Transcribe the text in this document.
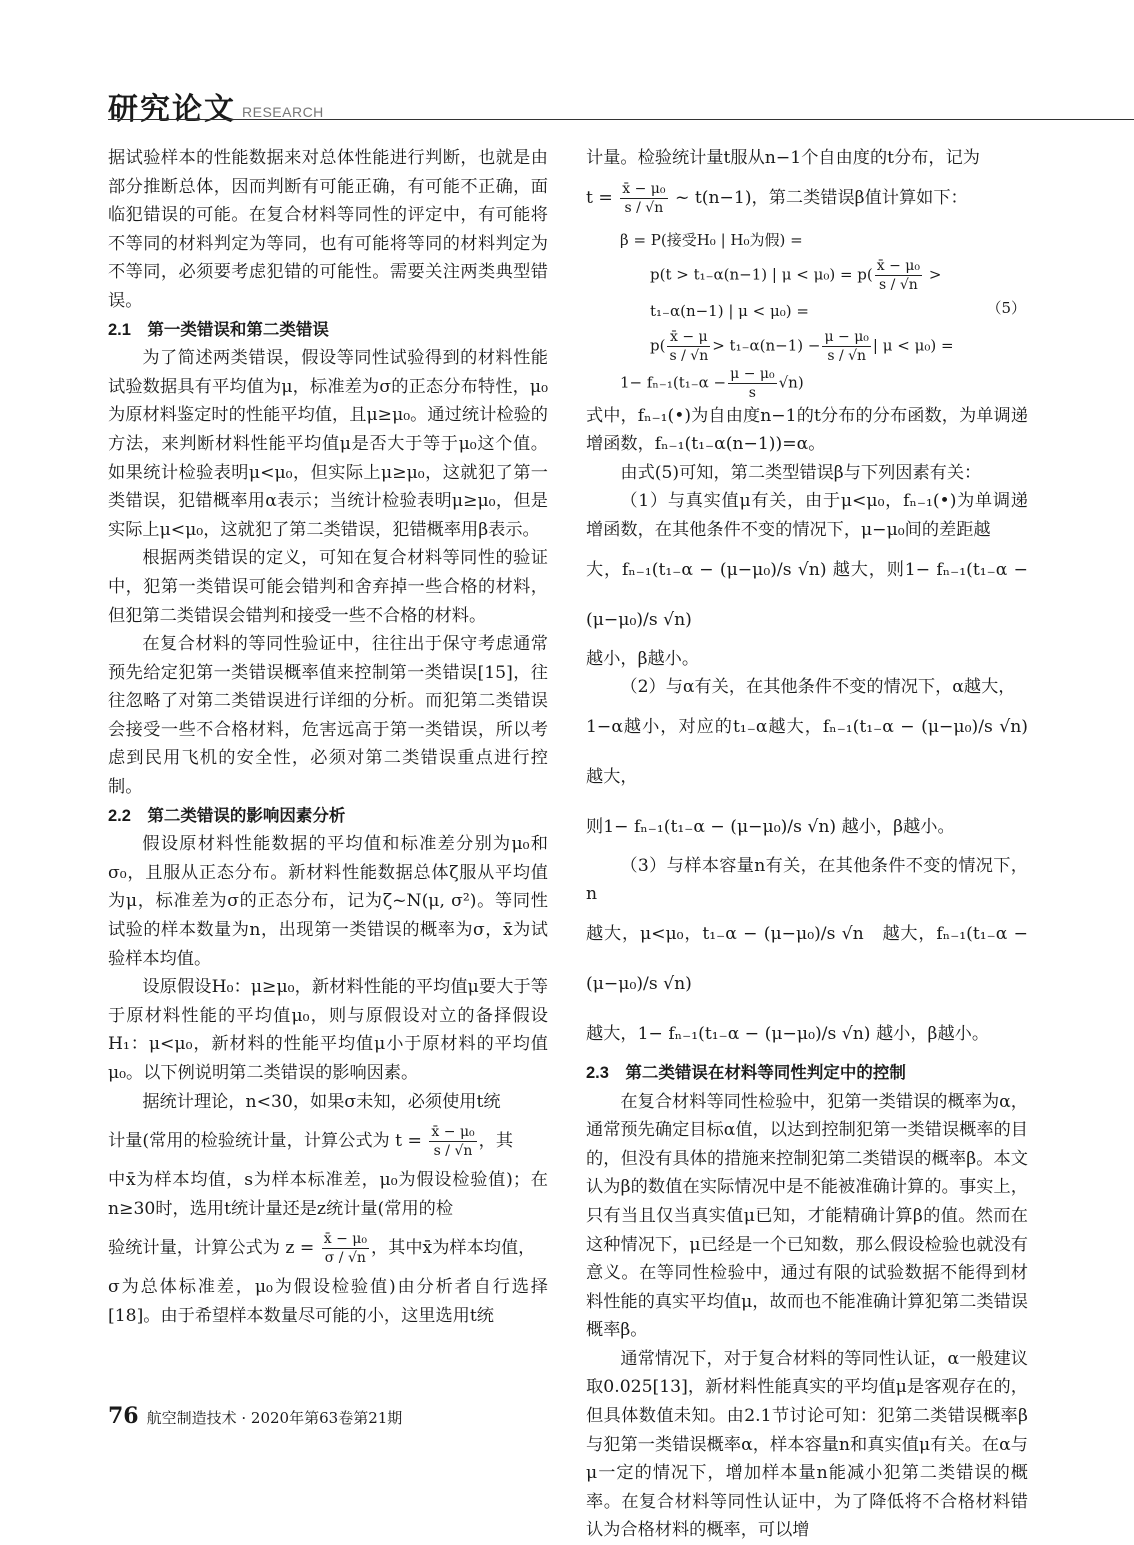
研究论文 RESEARCH

据试验样本的性能数据来对总体性能进行判断，也就是由部分推断总体，因而判断有可能正确，有可能不正确，面临犯错误的可能。在复合材料等同性的评定中，有可能将不等同的材料判定为等同，也有可能将等同的材料判定为不等同，必须要考虑犯错的可能性。需要关注两类典型错误。

2.1　第一类错误和第二类错误

为了简述两类错误，假设等同性试验得到的材料性能试验数据具有平均值为μ，标准差为σ的正态分布特性，μ₀为原材料鉴定时的性能平均值，且μ≥μ₀。通过统计检验的方法，来判断材料性能平均值μ是否大于等于μ₀这个值。如果统计检验表明μ<μ₀，但实际上μ≥μ₀，这就犯了第一类错误，犯错概率用α表示；当统计检验表明μ≥μ₀，但是实际上μ<μ₀，这就犯了第二类错误，犯错概率用β表示。

根据两类错误的定义，可知在复合材料等同性的验证中，犯第一类错误可能会错判和舍弃掉一些合格的材料，但犯第二类错误会错判和接受一些不合格的材料。

在复合材料的等同性验证中，往往出于保守考虑通常预先给定犯第一类错误概率值来控制第一类错误[15]，往往忽略了对第二类错误进行详细的分析。而犯第二类错误会接受一些不合格材料，危害远高于第一类错误，所以考虑到民用飞机的安全性，必须对第二类错误重点进行控制。

2.2　第二类错误的影响因素分析

假设原材料性能数据的平均值和标准差分别为μ₀和σ₀，且服从正态分布。新材料性能数据总体ζ服从平均值为μ，标准差为σ的正态分布，记为ζ~N(μ, σ²)。等同性试验的样本数量为n，出现第一类错误的概率为σ，x̄为试验样本均值。

设原假设H₀：μ≥μ₀，新材料性能的平均值μ要大于等于原材料性能的平均值μ₀，则与原假设对立的备择假设H₁：μ<μ₀，新材料的性能平均值μ小于原材料的平均值μ₀。以下例说明第二类错误的影响因素。

据统计理论，n<30，如果σ未知，必须使用t统

计量(常用的检验统计量，计算公式为 $t = \frac{\text{x̄ − μ₀}}{s / √n}$ ，其

中x̄为样本均值，s为样本标准差，μ₀为假设检验值)；在n≥30时，选用t统计量还是z统计量(常用的检

验统计量，计算公式为 $z = \frac{\text{x̄ − μ₀}}{\sigma / √n}$ ，其中x̄为样本均值，

σ为总体标准差，μ₀为假设检验值)由分析者自行选择[18]。由于希望样本数量尽可能的小，这里选用t统

计量。检验统计量t服从n−1个自由度的t分布，记为

$t = \frac{\text{x̄ − μ₀}}{s / √n}$ ~ t(n−1)，第二类错误β值计算如下：

β = P(接受H₀ | H₀为假) =
p(t > t₁₋α(n−1) | $\mu < \mu_0) = p( \frac{\text{x̄ − μ₀}}{s / √n}$ >
t₁₋α(n−1) | μ < μ₀) =
$p( \frac{x̄ - \mu}{s / √n} > t_{1-}\alpha(n-1) - \frac{\text{μ − μ₀}}{s / √n}$ | μ < μ₀) =
$1- f_{n-1}(t_{1-}\alpha - \frac{\text{μ − μ₀}}{s} √n)$
（5）

式中，fₙ₋₁(•)为自由度n−1的t分布的分布函数，为单调递增函数，fₙ₋₁(t₁₋α(n−1))=α。

由式(5)可知，第二类型错误β与下列因素有关：

（1）与真实值μ有关，由于μ<μ₀，fₙ₋₁(•)为单调递增函数，在其他条件不变的情况下，μ−μ₀间的差距越

大，fₙ₋₁(t₁₋α − (μ−μ₀)/s √n) 越大，则1− fₙ₋₁(t₁₋α − (μ−μ₀)/s √n)

越小，β越小。

（2）与α有关，在其他条件不变的情况下，α越大，

1−α越小，对应的t₁₋α越大，fₙ₋₁(t₁₋α − (μ−μ₀)/s √n) 越大，

则1− fₙ₋₁(t₁₋α − (μ−μ₀)/s √n) 越小，β越小。

（3）与样本容量n有关，在其他条件不变的情况下，n

越大，μ<μ₀，t₁₋α − (μ−μ₀)/s √n　越大，fₙ₋₁(t₁₋α − (μ−μ₀)/s √n)

越大，1− fₙ₋₁(t₁₋α − (μ−μ₀)/s √n) 越小，β越小。

2.3　第二类错误在材料等同性判定中的控制

在复合材料等同性检验中，犯第一类错误的概率为α，通常预先确定目标α值，以达到控制犯第一类错误概率的目的，但没有具体的措施来控制犯第二类错误的概率β。本文认为β的数值在实际情况中是不能被准确计算的。事实上，只有当且仅当真实值μ已知，才能精确计算β的值。然而在这种情况下，μ已经是一个已知数，那么假设检验也就没有意义。在等同性检验中，通过有限的试验数据不能得到材料性能的真实平均值μ，故而也不能准确计算犯第二类错误概率β。

通常情况下，对于复合材料的等同性认证，α一般建议取0.025[13]，新材料性能真实的平均值μ是客观存在的，但具体数值未知。由2.1节讨论可知：犯第二类错误概率β与犯第一类错误概率α，样本容量n和真实值μ有关。在α与μ一定的情况下，增加样本量n能减小犯第二类错误的概率。在复合材料等同性认证中，为了降低将不合格材料错认为合格材料的概率，可以增

76 航空制造技术 · 2020年第63卷第21期
